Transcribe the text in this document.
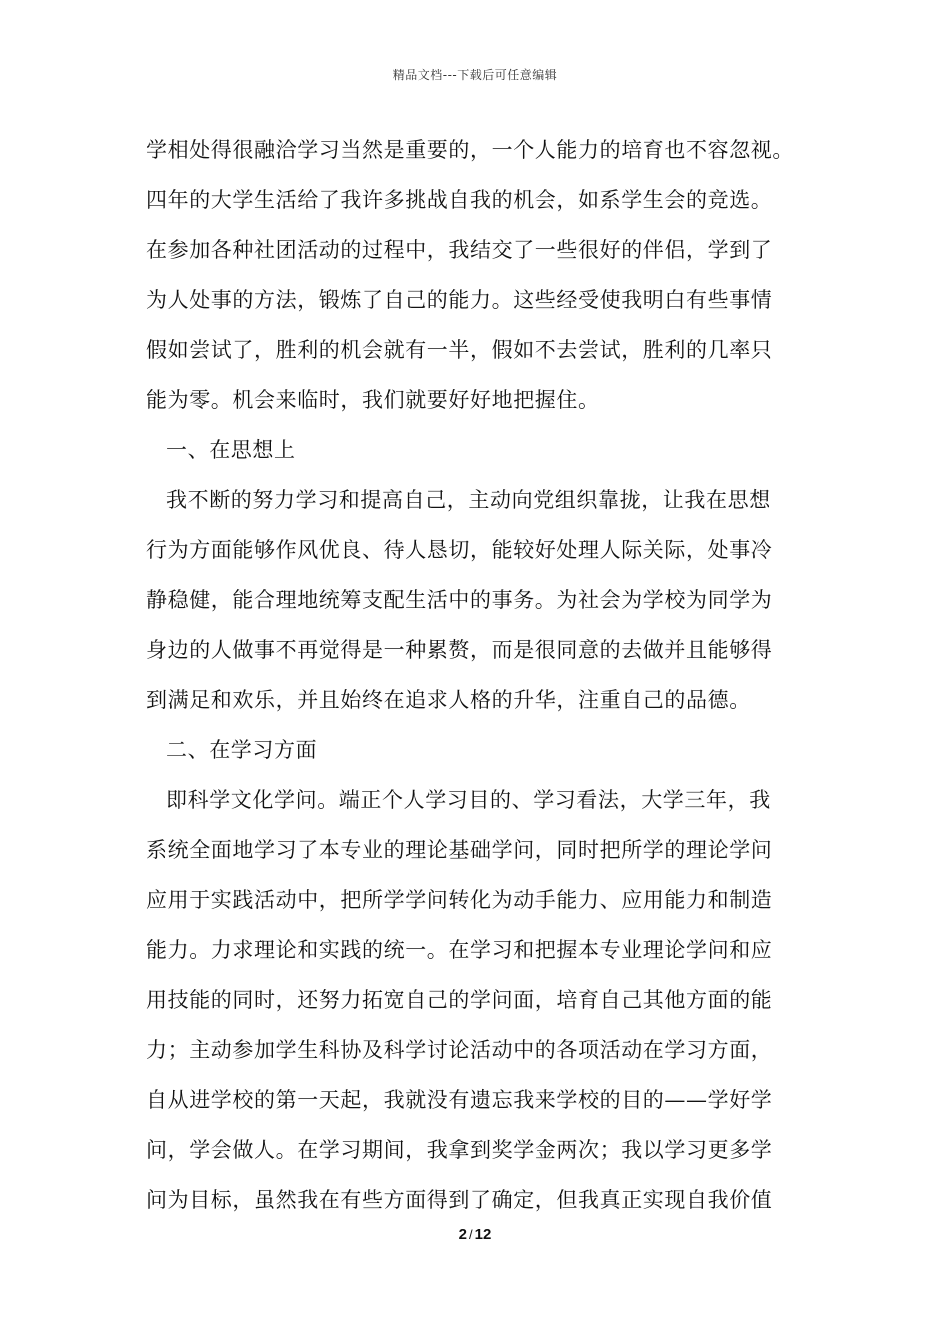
精品文档---下载后可任意编辑
学相处得很融洽学习当然是重要的，一个人能力的培育也不容忽视。
四年的大学生活给了我许多挑战自我的机会，如系学生会的竞选。
在参加各种社团活动的过程中，我结交了一些很好的伴侣，学到了
为人处事的方法，锻炼了自己的能力。这些经受使我明白有些事情
假如尝试了，胜利的机会就有一半，假如不去尝试，胜利的几率只
能为零。机会来临时，我们就要好好地把握住。
一、在思想上
我不断的努力学习和提高自己，主动向党组织靠拢，让我在思想
行为方面能够作风优良、待人恳切，能较好处理人际关际，处事冷
静稳健，能合理地统筹支配生活中的事务。为社会为学校为同学为
身边的人做事不再觉得是一种累赘，而是很同意的去做并且能够得
到满足和欢乐，并且始终在追求人格的升华，注重自己的品德。
二、在学习方面
即科学文化学问。端正个人学习目的、学习看法，大学三年，我
系统全面地学习了本专业的理论基础学问，同时把所学的理论学问
应用于实践活动中，把所学学问转化为动手能力、应用能力和制造
能力。力求理论和实践的统一。在学习和把握本专业理论学问和应
用技能的同时，还努力拓宽自己的学问面，培育自己其他方面的能
力；主动参加学生科协及科学讨论活动中的各项活动在学习方面，
自从进学校的第一天起，我就没有遗忘我来学校的目的——学好学
问，学会做人。在学习期间，我拿到奖学金两次；我以学习更多学
问为目标，虽然我在有些方面得到了确定，但我真正实现自我价值
2 / 12
